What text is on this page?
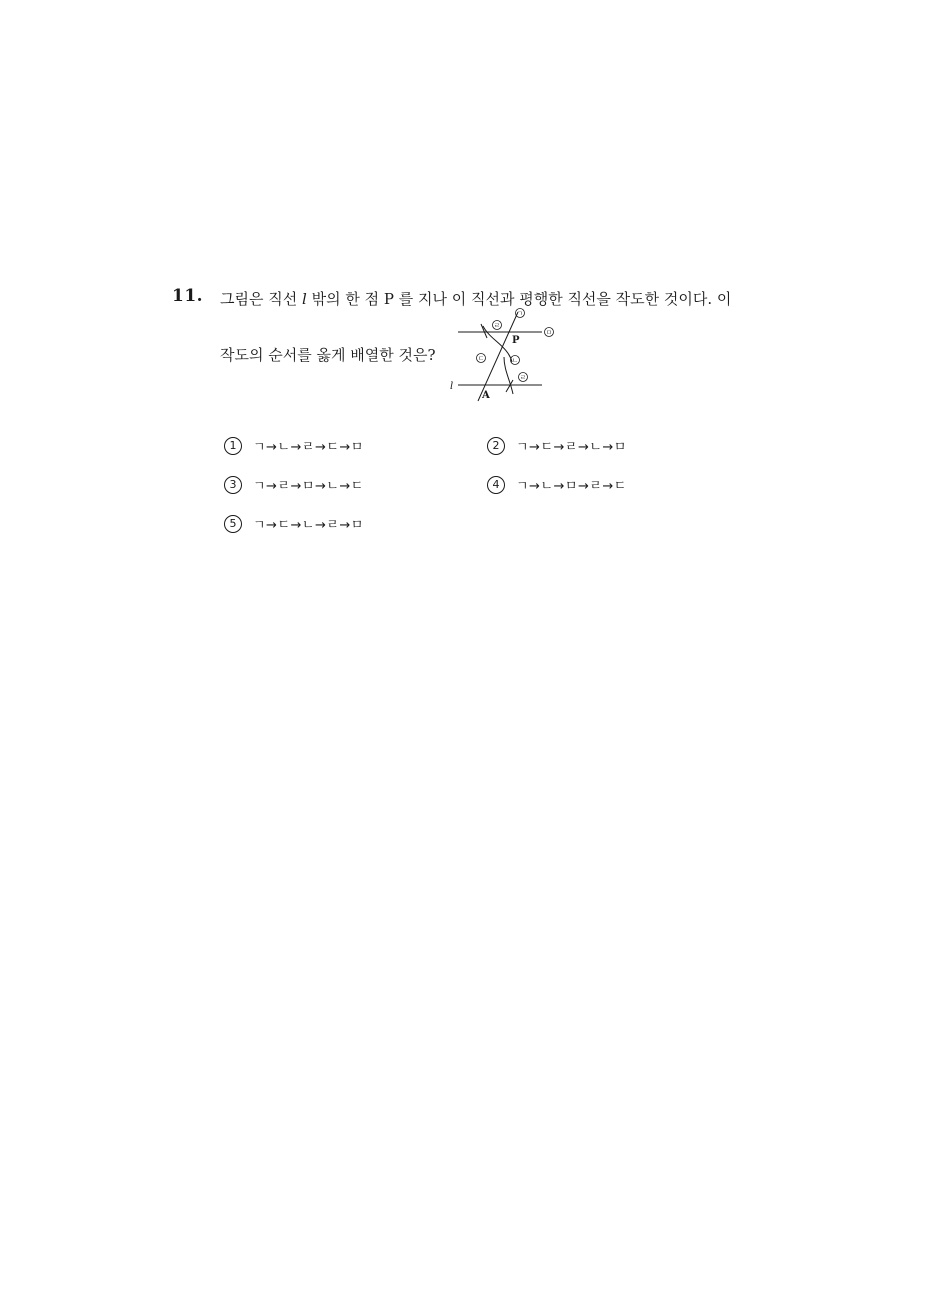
11. 그림은 직선 l 밖의 한 점 P 를 지나 이 직선과 평행한 직선을 작도한 것이다. 이
작도의 순서를 옳게 배열한 것은?
ㄱ
ㄹ
ㅁ
ㄷ	ㄴ
ㄹ
P
A
l
1	ㄱ→ㄴ→ㄹ→ㄷ→ㅁ	2	ㄱ→ㄷ→ㄹ→ㄴ→ㅁ
3	ㄱ→ㄹ→ㅁ→ㄴ→ㄷ	4	ㄱ→ㄴ→ㅁ→ㄹ→ㄷ
5	ㄱ→ㄷ→ㄴ→ㄹ→ㅁ
